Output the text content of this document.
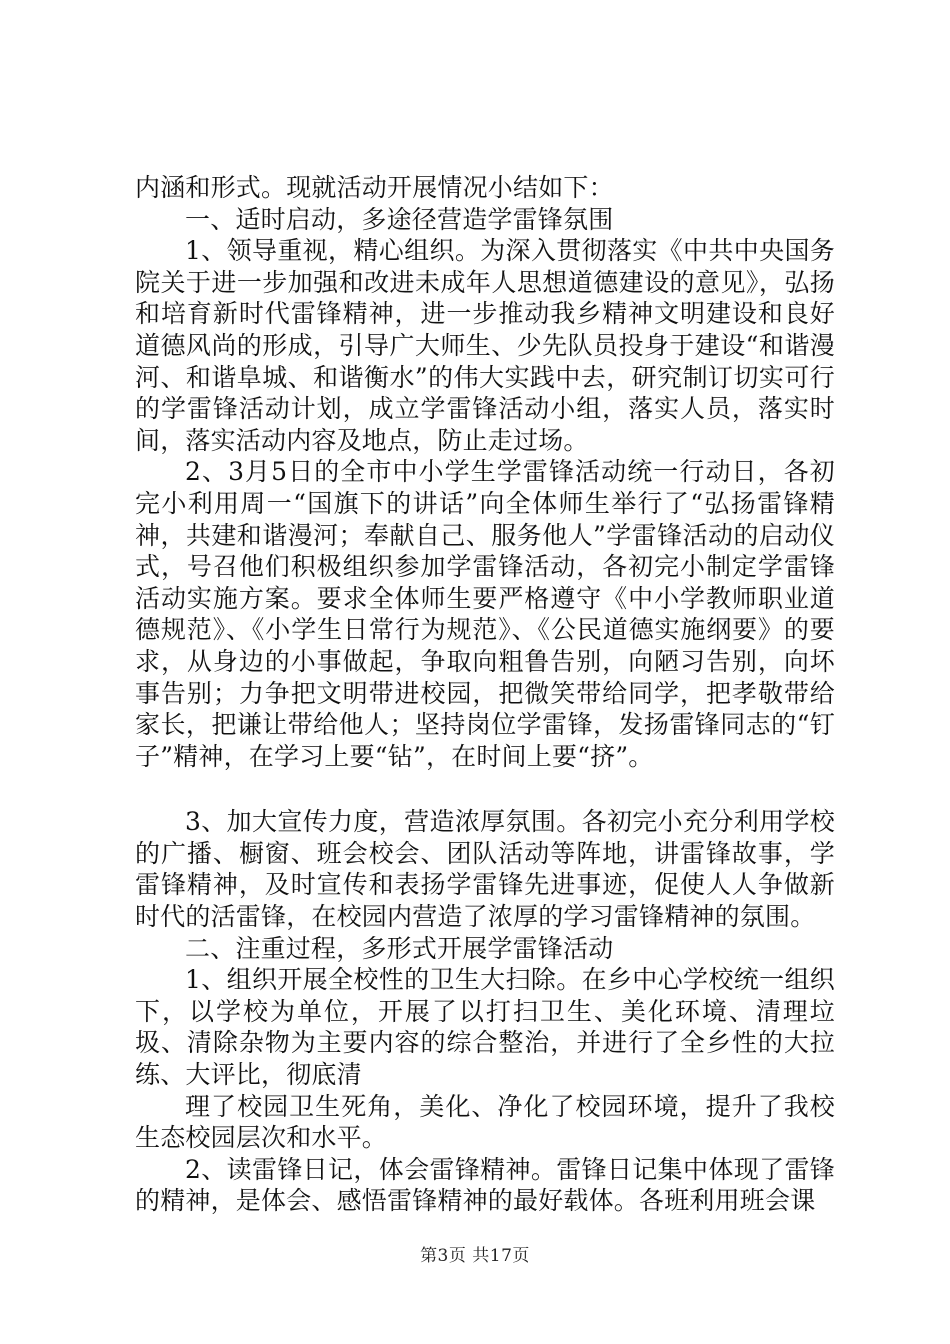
内涵和形式。现就活动开展情况小结如下：

一、适时启动，多途径营造学雷锋氛围

1、领导重视，精心组织。为深入贯彻落实《中共中央国务院关于进一步加强和改进未成年人思想道德建设的意见》，弘扬和培育新时代雷锋精神，进一步推动我乡精神文明建设和良好道德风尚的形成，引导广大师生、少先队员投身于建设“和谐漫河、和谐阜城、和谐衡水”的伟大实践中去，研究制订切实可行的学雷锋活动计划，成立学雷锋活动小组，落实人员，落实时间，落实活动内容及地点，防止走过场。

2、3月5日的全市中小学生学雷锋活动统一行动日，各初完小利用周一“国旗下的讲话”向全体师生举行了“弘扬雷锋精神，共建和谐漫河；奉献自己、服务他人”学雷锋活动的启动仪式，号召他们积极组织参加学雷锋活动，各初完小制定学雷锋活动实施方案。要求全体师生要严格遵守《中小学教师职业道德规范》、《小学生日常行为规范》、《公民道德实施纲要》的要求，从身边的小事做起，争取向粗鲁告别，向陋习告别，向坏事告别；力争把文明带进校园，把微笑带给同学，把孝敬带给家长，把谦让带给他人；坚持岗位学雷锋，发扬雷锋同志的“钉子”精神，在学习上要“钻”，在时间上要“挤”。

3、加大宣传力度，营造浓厚氛围。各初完小充分利用学校的广播、橱窗、班会校会、团队活动等阵地，讲雷锋故事，学雷锋精神，及时宣传和表扬学雷锋先进事迹，促使人人争做新时代的活雷锋，在校园内营造了浓厚的学习雷锋精神的氛围。

二、注重过程，多形式开展学雷锋活动

1、组织开展全校性的卫生大扫除。在乡中心学校统一组织下，以学校为单位，开展了以打扫卫生、美化环境、清理垃圾、清除杂物为主要内容的综合整治，并进行了全乡性的大拉练、大评比，彻底清

理了校园卫生死角，美化、净化了校园环境，提升了我校生态校园层次和水平。

2、读雷锋日记，体会雷锋精神。雷锋日记集中体现了雷锋的精神，是体会、感悟雷锋精神的最好载体。各班利用班会课

第3页 共17页
